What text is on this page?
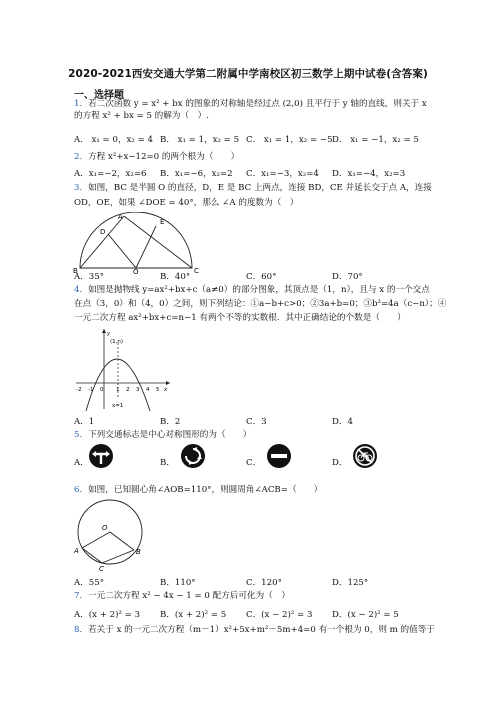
2020-2021西安交通大学第二附属中学南校区初三数学上期中试卷(含答案)
一、选择题
1．若二次函数 y = x² + bx 的图象的对称轴是经过点 (2,0) 且平行于 y 轴的直线，则关于 x
的方程 x² + bx = 5 的解为（　）.
A． x₁ = 0，x₂ = 4 B． x₁ = 1，x₂ = 5 C． x₁ = 1，x₂ = −5 D． x₁ = −1，x₂ = 5
2．方程 x²+x−12=0 的两个根为（　　）
A．x₁=−2，x₂=6	B．x₁=−6，x₂=2	C．x₁=−3，x₂=4	D．x₁=−4，x₂=3
3．如图，BC 是半圆 O 的直径，D，E 是 BC 上两点，连接 BD，CE 并延长交于点 A，连接
OD，OE，如果 ∠DOE = 40°，那么 ∠A 的度数为（　）
A
D
E
B	O	C
A．35°	B．40°	C．60°	D．70°
4．如图是抛物线 y=ax²+bx+c（a≠0）的部分图象，其顶点是（1，n），且与 x 的一个交点
在点（3，0）和（4，0）之间，则下列结论：①a−b+c>0；②3a+b=0；③b²=4a（c−n）；④
一元二次方程 ax²+bx+c=n−1 有两个不等的实数根．其中正确结论的个数是（　　）
(1,n)
x
y
-2 -1 0 1 2 3 4 5
x=1
A．1	B．2	C．3	D．4
5．下列交通标志是中心对称图形的为（　　）
A．	B．	C．	D．
6．如图，已知圆心角∠AOB=110°，则圆周角∠ACB=（　　）
O
A	B
C
A．55°	B．110°	C．120°	D．125°
7．一元二次方程 x² − 4x − 1 = 0 配方后可化为（　）
A．(x + 2)² = 3	B．(x + 2)² = 5	C．(x − 2)² = 3	D．(x − 2)² = 5
8．若关于 x 的一元二次方程（m－1）x²+5x+m²－5m+4=0 有一个根为 0，则 m 的值等于
